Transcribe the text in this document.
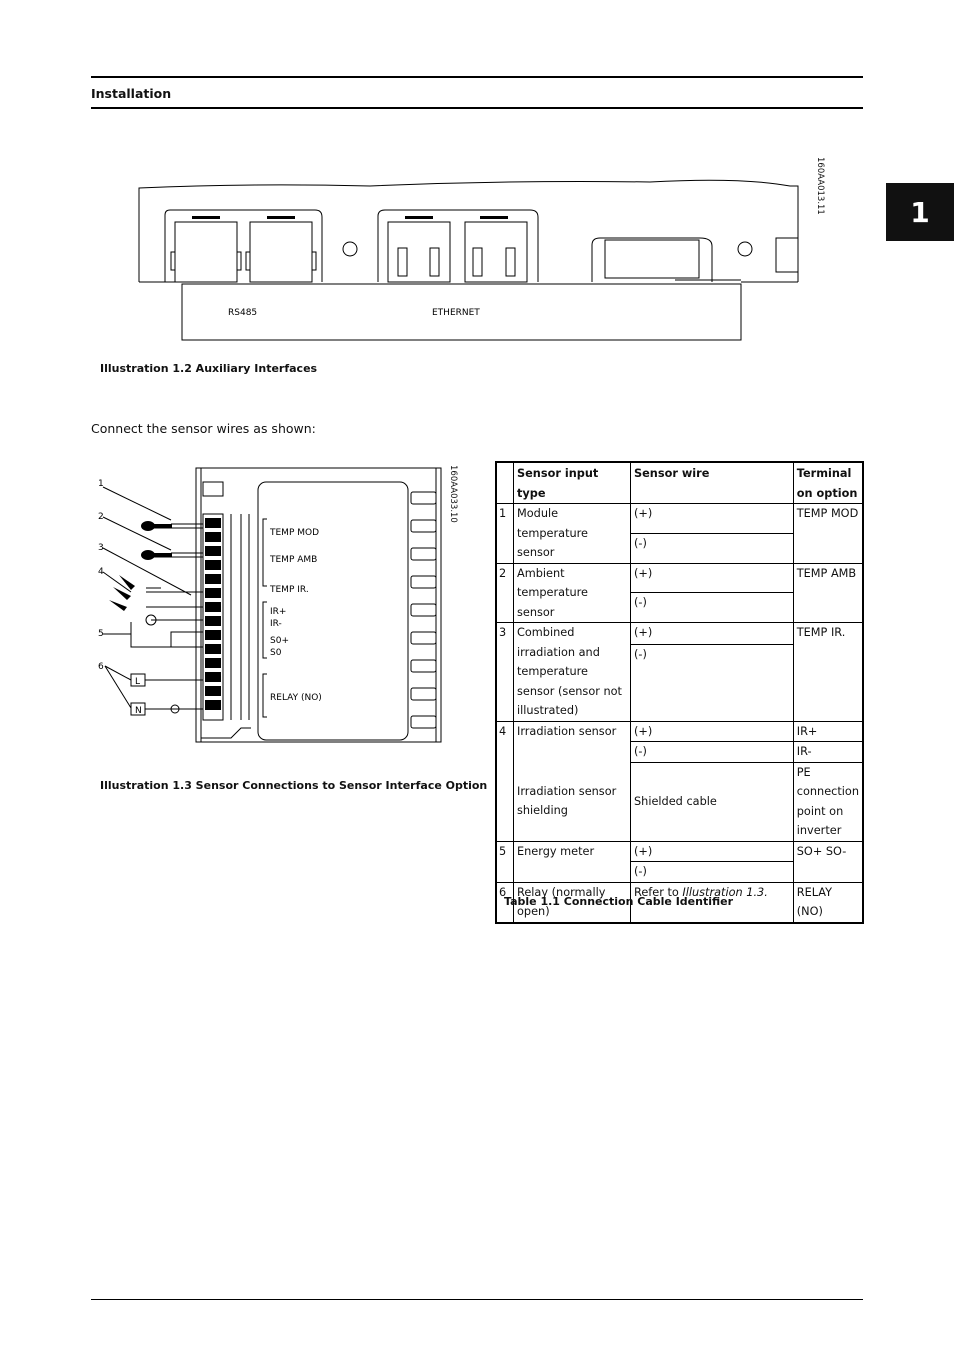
Installation
1
RS485	ETHERNET
160AA013.11
Illustration 1.2 Auxiliary Interfaces
Connect the sensor wires as shown:
1
2
3
4
5
6
L
N
TEMP MOD
TEMP AMB
TEMP IR.
IR+
IR-
S0+
S0
RELAY (NO)
160AA033.10
Illustration 1.3 Sensor Connections to Sensor Interface Option
	Sensor input type	Sensor wire	Terminal on option
1	Module temperature sensor	(+)	TEMP MOD
		(-)	
2	Ambient temperature sensor	(+)	TEMP AMB
		(-)	
3	Combined irradiation and temperature sensor (sensor not illustrated)	(+)	TEMP IR.
		(-)	
4	Irradiation sensor	(+)	IR+
		(-)	IR-
	Irradiation sensor shielding	Shielded cable	PE connection point on inverter
5	Energy meter	(+)	SO+ SO-
		(-)	
6	Relay (normally open)	Refer to Illustration 1.3.	RELAY (NO)
Table 1.1 Connection Cable Identifier
